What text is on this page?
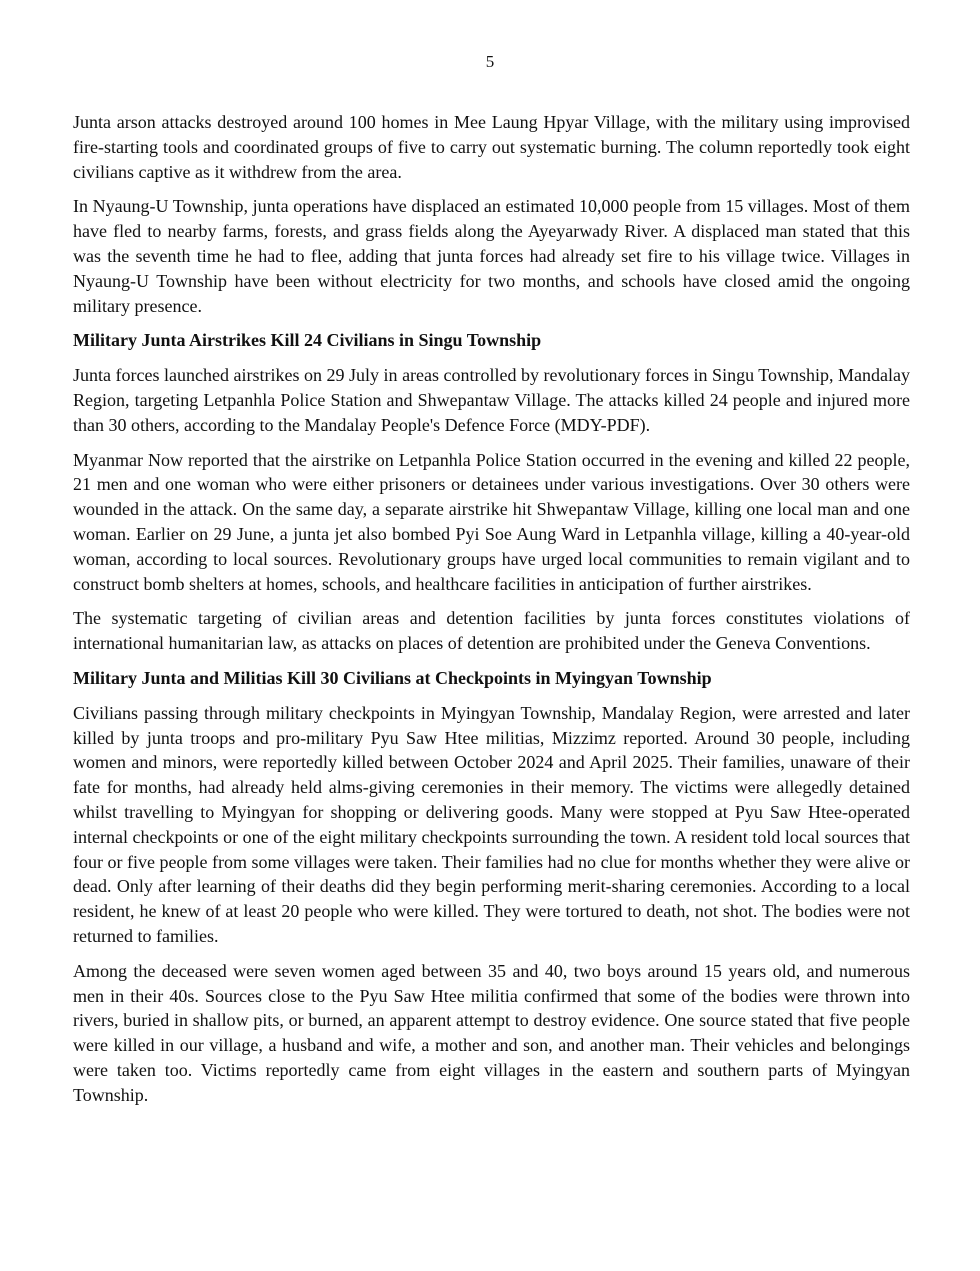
5

Junta arson attacks destroyed around 100 homes in Mee Laung Hpyar Village, with the military using improvised fire-starting tools and coordinated groups of five to carry out systematic burning. The column reportedly took eight civilians captive as it withdrew from the area.

In Nyaung-U Township, junta operations have displaced an estimated 10,000 people from 15 villages. Most of them have fled to nearby farms, forests, and grass fields along the Ayeyarwady River. A displaced man stated that this was the seventh time he had to flee, adding that junta forces had already set fire to his village twice. Villages in Nyaung-U Township have been without electricity for two months, and schools have closed amid the ongoing military presence.

Military Junta Airstrikes Kill 24 Civilians in Singu Township

Junta forces launched airstrikes on 29 July in areas controlled by revolutionary forces in Singu Township, Mandalay Region, targeting Letpanhla Police Station and Shwepantaw Village. The attacks killed 24 people and injured more than 30 others, according to the Mandalay People's Defence Force (MDY-PDF).

Myanmar Now reported that the airstrike on Letpanhla Police Station occurred in the evening and killed 22 people, 21 men and one woman who were either prisoners or detainees under various investigations. Over 30 others were wounded in the attack. On the same day, a separate airstrike hit Shwepantaw Village, killing one local man and one woman. Earlier on 29 June, a junta jet also bombed Pyi Soe Aung Ward in Letpanhla village, killing a 40-year-old woman, according to local sources. Revolutionary groups have urged local communities to remain vigilant and to construct bomb shelters at homes, schools, and healthcare facilities in anticipation of further airstrikes.

The systematic targeting of civilian areas and detention facilities by junta forces constitutes violations of international humanitarian law, as attacks on places of detention are prohibited under the Geneva Conventions.

Military Junta and Militias Kill 30 Civilians at Checkpoints in Myingyan Township

Civilians passing through military checkpoints in Myingyan Township, Mandalay Region, were arrested and later killed by junta troops and pro-military Pyu Saw Htee militias, Mizzimz reported. Around 30 people, including women and minors, were reportedly killed between October 2024 and April 2025. Their families, unaware of their fate for months, had already held alms-giving ceremonies in their memory. The victims were allegedly detained whilst travelling to Myingyan for shopping or delivering goods. Many were stopped at Pyu Saw Htee-operated internal checkpoints or one of the eight military checkpoints surrounding the town. A resident told local sources that four or five people from some villages were taken. Their families had no clue for months whether they were alive or dead. Only after learning of their deaths did they begin performing merit-sharing ceremonies. According to a local resident, he knew of at least 20 people who were killed. They were tortured to death, not shot. The bodies were not returned to families.

Among the deceased were seven women aged between 35 and 40, two boys around 15 years old, and numerous men in their 40s. Sources close to the Pyu Saw Htee militia confirmed that some of the bodies were thrown into rivers, buried in shallow pits, or burned, an apparent attempt to destroy evidence. One source stated that five people were killed in our village, a husband and wife, a mother and son, and another man. Their vehicles and belongings were taken too. Victims reportedly came from eight villages in the eastern and southern parts of Myingyan Township.
